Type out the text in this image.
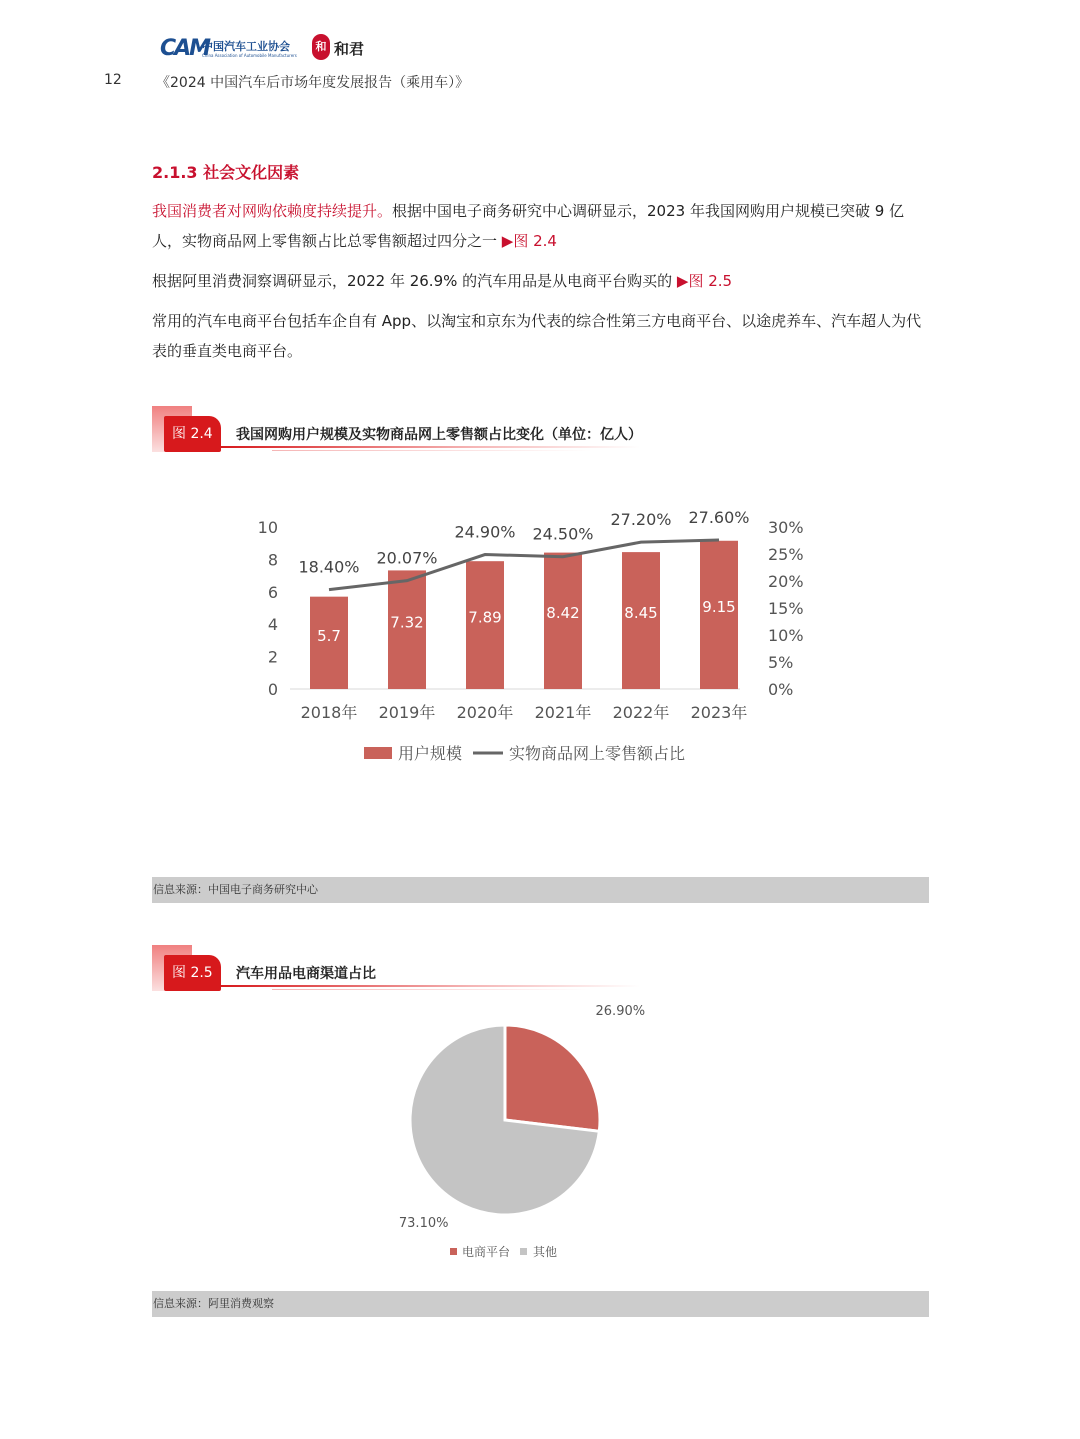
CAM
中国汽车工业协会
China Association of Automobile Manufacturers
和 和君
12 《2024 中国汽车后市场年度发展报告（乘用车）》
2.1.3 社会文化因素
我国消费者对网购依赖度持续提升。根据中国电子商务研究中心调研显示，2023 年我国网购用户规模已突破 9 亿人，实物商品网上零售额占比总零售额超过四分之一 ▶图 2.4
根据阿里消费洞察调研显示，2022 年 26.9% 的汽车用品是从电商平台购买的 ▶图 2.5
常用的汽车电商平台包括车企自有 App、以淘宝和京东为代表的综合性第三方电商平台、以途虎养车、汽车超人为代表的垂直类电商平台。
图 2.4	我国网购用户规模及实物商品网上零售额占比变化（单位：亿人）
0
2
4
6
8
10
0%
5%
10%
15%
20%
25%
30%
5.7
7.32	7.89	8.42	8.45	9.15
18.40% 20.07%
24.90% 24.50%
27.20% 27.60%
2018年 2019年 2020年 2021年 2022年 2023年
用户规模	实物商品网上零售额占比
信息来源：中国电子商务研究中心
图 2.5	汽车用品电商渠道占比
26.90%
73.10%
电商平台 其他
信息来源：阿里消费观察
